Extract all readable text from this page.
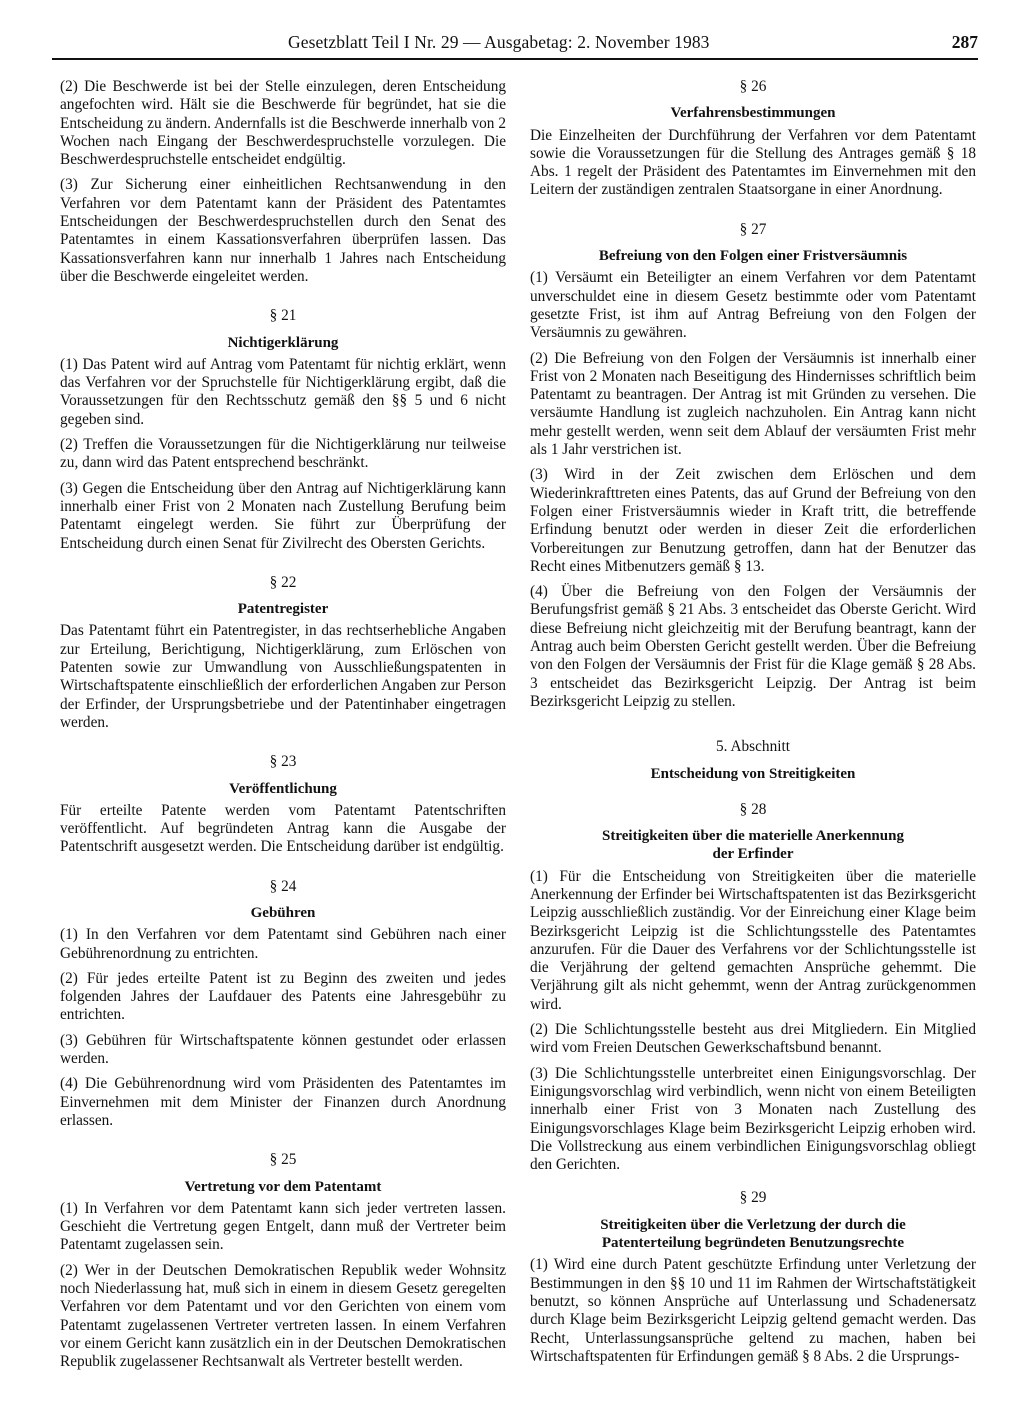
Gesetzblatt Teil I Nr. 29 — Ausgabetag: 2. November 1983	287

(2) Die Beschwerde ist bei der Stelle einzulegen, deren Entscheidung angefochten wird. Hält sie die Beschwerde für begründet, hat sie die Entscheidung zu ändern. Andernfalls ist die Beschwerde innerhalb von 2 Wochen nach Eingang der Beschwerdespruchstelle vorzulegen. Die Beschwerdespruchstelle entscheidet endgültig.

(3) Zur Sicherung einer einheitlichen Rechtsanwendung in den Verfahren vor dem Patentamt kann der Präsident des Patentamtes Entscheidungen der Beschwerdespruchstellen durch den Senat des Patentamtes in einem Kassationsverfahren überprüfen lassen. Das Kassationsverfahren kann nur innerhalb 1 Jahres nach Entscheidung über die Beschwerde eingeleitet werden.

§ 21
Nichtigerklärung

(1) Das Patent wird auf Antrag vom Patentamt für nichtig erklärt, wenn das Verfahren vor der Spruchstelle für Nichtigerklärung ergibt, daß die Voraussetzungen für den Rechtsschutz gemäß den §§ 5 und 6 nicht gegeben sind.

(2) Treffen die Voraussetzungen für die Nichtigerklärung nur teilweise zu, dann wird das Patent entsprechend beschränkt.

(3) Gegen die Entscheidung über den Antrag auf Nichtigerklärung kann innerhalb einer Frist von 2 Monaten nach Zustellung Berufung beim Patentamt eingelegt werden. Sie führt zur Überprüfung der Entscheidung durch einen Senat für Zivilrecht des Obersten Gerichts.

§ 22
Patentregister

Das Patentamt führt ein Patentregister, in das rechtserhebliche Angaben zur Erteilung, Berichtigung, Nichtigerklärung, zum Erlöschen von Patenten sowie zur Umwandlung von Ausschließungspatenten in Wirtschaftspatente einschließlich der erforderlichen Angaben zur Person der Erfinder, der Ursprungsbetriebe und der Patentinhaber eingetragen werden.

§ 23
Veröffentlichung

Für erteilte Patente werden vom Patentamt Patentschriften veröffentlicht. Auf begründeten Antrag kann die Ausgabe der Patentschrift ausgesetzt werden. Die Entscheidung darüber ist endgültig.

§ 24
Gebühren

(1) In den Verfahren vor dem Patentamt sind Gebühren nach einer Gebührenordnung zu entrichten.

(2) Für jedes erteilte Patent ist zu Beginn des zweiten und jedes folgenden Jahres der Laufdauer des Patents eine Jahresgebühr zu entrichten.

(3) Gebühren für Wirtschaftspatente können gestundet oder erlassen werden.

(4) Die Gebührenordnung wird vom Präsidenten des Patentamtes im Einvernehmen mit dem Minister der Finanzen durch Anordnung erlassen.

§ 25
Vertretung vor dem Patentamt

(1) In Verfahren vor dem Patentamt kann sich jeder vertreten lassen. Geschieht die Vertretung gegen Entgelt, dann muß der Vertreter beim Patentamt zugelassen sein.

(2) Wer in der Deutschen Demokratischen Republik weder Wohnsitz noch Niederlassung hat, muß sich in einem in diesem Gesetz geregelten Verfahren vor dem Patentamt und vor den Gerichten von einem vom Patentamt zugelassenen Vertreter vertreten lassen. In einem Verfahren vor einem Gericht kann zusätzlich ein in der Deutschen Demokratischen Republik zugelassener Rechtsanwalt als Vertreter bestellt werden.

§ 26
Verfahrensbestimmungen

Die Einzelheiten der Durchführung der Verfahren vor dem Patentamt sowie die Voraussetzungen für die Stellung des Antrages gemäß § 18 Abs. 1 regelt der Präsident des Patentamtes im Einvernehmen mit den Leitern der zuständigen zentralen Staatsorgane in einer Anordnung.

§ 27
Befreiung von den Folgen einer Fristversäumnis

(1) Versäumt ein Beteiligter an einem Verfahren vor dem Patentamt unverschuldet eine in diesem Gesetz bestimmte oder vom Patentamt gesetzte Frist, ist ihm auf Antrag Befreiung von den Folgen der Versäumnis zu gewähren.

(2) Die Befreiung von den Folgen der Versäumnis ist innerhalb einer Frist von 2 Monaten nach Beseitigung des Hindernisses schriftlich beim Patentamt zu beantragen. Der Antrag ist mit Gründen zu versehen. Die versäumte Handlung ist zugleich nachzuholen. Ein Antrag kann nicht mehr gestellt werden, wenn seit dem Ablauf der versäumten Frist mehr als 1 Jahr verstrichen ist.

(3) Wird in der Zeit zwischen dem Erlöschen und dem Wiederinkrafttreten eines Patents, das auf Grund der Befreiung von den Folgen einer Fristversäumnis wieder in Kraft tritt, die betreffende Erfindung benutzt oder werden in dieser Zeit die erforderlichen Vorbereitungen zur Benutzung getroffen, dann hat der Benutzer das Recht eines Mitbenutzers gemäß § 13.

(4) Über die Befreiung von den Folgen der Versäumnis der Berufungsfrist gemäß § 21 Abs. 3 entscheidet das Oberste Gericht. Wird diese Befreiung nicht gleichzeitig mit der Berufung beantragt, kann der Antrag auch beim Obersten Gericht gestellt werden. Über die Befreiung von den Folgen der Versäumnis der Frist für die Klage gemäß § 28 Abs. 3 entscheidet das Bezirksgericht Leipzig. Der Antrag ist beim Bezirksgericht Leipzig zu stellen.

5. Abschnitt
Entscheidung von Streitigkeiten
§ 28
Streitigkeiten über die materielle Anerkennung
der Erfinder

(1) Für die Entscheidung von Streitigkeiten über die materielle Anerkennung der Erfinder bei Wirtschaftspatenten ist das Bezirksgericht Leipzig ausschließlich zuständig. Vor der Einreichung einer Klage beim Bezirksgericht Leipzig ist die Schlichtungsstelle des Patentamtes anzurufen. Für die Dauer des Verfahrens vor der Schlichtungsstelle ist die Verjährung der geltend gemachten Ansprüche gehemmt. Die Verjährung gilt als nicht gehemmt, wenn der Antrag zurückgenommen wird.

(2) Die Schlichtungsstelle besteht aus drei Mitgliedern. Ein Mitglied wird vom Freien Deutschen Gewerkschaftsbund benannt.

(3) Die Schlichtungsstelle unterbreitet einen Einigungsvorschlag. Der Einigungsvorschlag wird verbindlich, wenn nicht von einem Beteiligten innerhalb einer Frist von 3 Monaten nach Zustellung des Einigungsvorschlages Klage beim Bezirksgericht Leipzig erhoben wird. Die Vollstreckung aus einem verbindlichen Einigungsvorschlag obliegt den Gerichten.

§ 29
Streitigkeiten über die Verletzung der durch die
Patenterteilung begründeten Benutzungsrechte

(1) Wird eine durch Patent geschützte Erfindung unter Verletzung der Bestimmungen in den §§ 10 und 11 im Rahmen der Wirtschaftstätigkeit benutzt, so können Ansprüche auf Unterlassung und Schadenersatz durch Klage beim Bezirksgericht Leipzig geltend gemacht werden. Das Recht, Unterlassungsansprüche geltend zu machen, haben bei Wirtschaftspatenten für Erfindungen gemäß § 8 Abs. 2 die Ursprungs-
